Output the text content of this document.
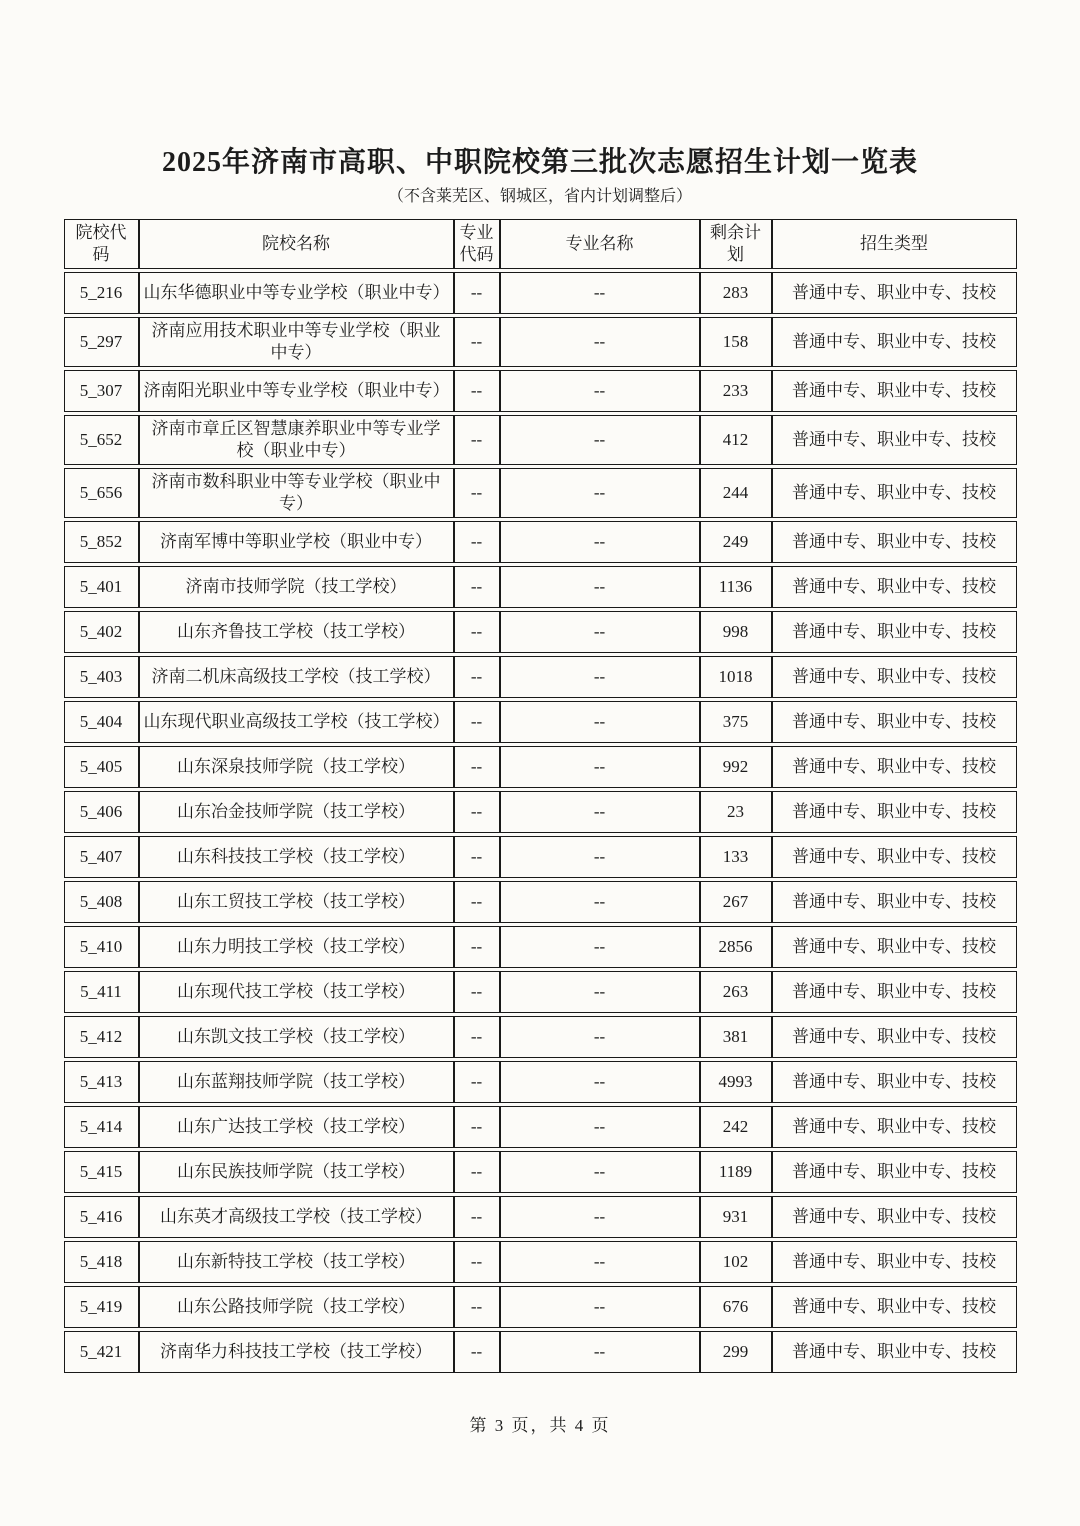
2025年济南市高职、中职院校第三批次志愿招生计划一览表
（不含莱芜区、钢城区，省内计划调整后）
院校代码	院校名称	专业代码	专业名称	剩余计划	招生类型
5_216	山东华德职业中等专业学校（职业中专）	--	--	283	普通中专、职业中专、技校
5_297	济南应用技术职业中等专业学校（职业中专）	--	--	158	普通中专、职业中专、技校
5_307	济南阳光职业中等专业学校（职业中专）	--	--	233	普通中专、职业中专、技校
5_652	济南市章丘区智慧康养职业中等专业学校（职业中专）	--	--	412	普通中专、职业中专、技校
5_656	济南市数科职业中等专业学校（职业中专）	--	--	244	普通中专、职业中专、技校
5_852	济南军博中等职业学校（职业中专）	--	--	249	普通中专、职业中专、技校
5_401	济南市技师学院（技工学校）	--	--	1136	普通中专、职业中专、技校
5_402	山东齐鲁技工学校（技工学校）	--	--	998	普通中专、职业中专、技校
5_403	济南二机床高级技工学校（技工学校）	--	--	1018	普通中专、职业中专、技校
5_404	山东现代职业高级技工学校（技工学校）	--	--	375	普通中专、职业中专、技校
5_405	山东深泉技师学院（技工学校）	--	--	992	普通中专、职业中专、技校
5_406	山东冶金技师学院（技工学校）	--	--	23	普通中专、职业中专、技校
5_407	山东科技技工学校（技工学校）	--	--	133	普通中专、职业中专、技校
5_408	山东工贸技工学校（技工学校）	--	--	267	普通中专、职业中专、技校
5_410	山东力明技工学校（技工学校）	--	--	2856	普通中专、职业中专、技校
5_411	山东现代技工学校（技工学校）	--	--	263	普通中专、职业中专、技校
5_412	山东凯文技工学校（技工学校）	--	--	381	普通中专、职业中专、技校
5_413	山东蓝翔技师学院（技工学校）	--	--	4993	普通中专、职业中专、技校
5_414	山东广达技工学校（技工学校）	--	--	242	普通中专、职业中专、技校
5_415	山东民族技师学院（技工学校）	--	--	1189	普通中专、职业中专、技校
5_416	山东英才高级技工学校（技工学校）	--	--	931	普通中专、职业中专、技校
5_418	山东新特技工学校（技工学校）	--	--	102	普通中专、职业中专、技校
5_419	山东公路技师学院（技工学校）	--	--	676	普通中专、职业中专、技校
5_421	济南华力科技技工学校（技工学校）	--	--	299	普通中专、职业中专、技校
第 3 页，共 4 页
